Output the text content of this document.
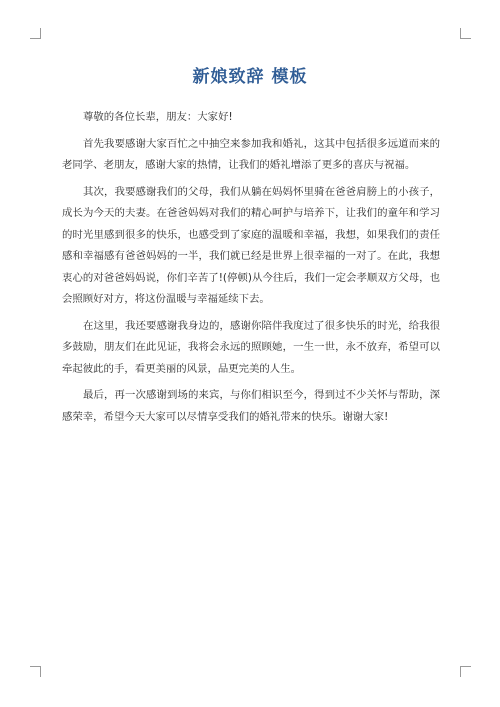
新娘致辞 模板

尊敬的各位长辈，朋友：大家好!

首先我要感谢大家百忙之中抽空来参加我和婚礼，这其中包括很多远道而来的老同学、老朋友，感谢大家的热情，让我们的婚礼增添了更多的喜庆与祝福。

其次，我要感谢我们的父母，我们从躺在妈妈怀里骑在爸爸肩膀上的小孩子，成长为今天的夫妻。在爸爸妈妈对我们的精心呵护与培养下，让我们的童年和学习的时光里感到很多的快乐，也感受到了家庭的温暖和幸福，我想，如果我们的责任感和幸福感有爸爸妈妈的一半，我们就已经是世界上很幸福的一对了。在此，我想衷心的对爸爸妈妈说，你们辛苦了!(停顿)从今往后，我们一定会孝顺双方父母，也会照顾好对方，将这份温暖与幸福延续下去。

在这里，我还要感谢我身边的，感谢你陪伴我度过了很多快乐的时光，给我很多鼓励，朋友们在此见证，我将会永远的照顾她，一生一世，永不放弃，希望可以牵起彼此的手，看更美丽的风景，品更完美的人生。

最后，再一次感谢到场的来宾，与你们相识至今，得到过不少关怀与帮助，深感荣幸，希望今天大家可以尽情享受我们的婚礼带来的快乐。谢谢大家!
